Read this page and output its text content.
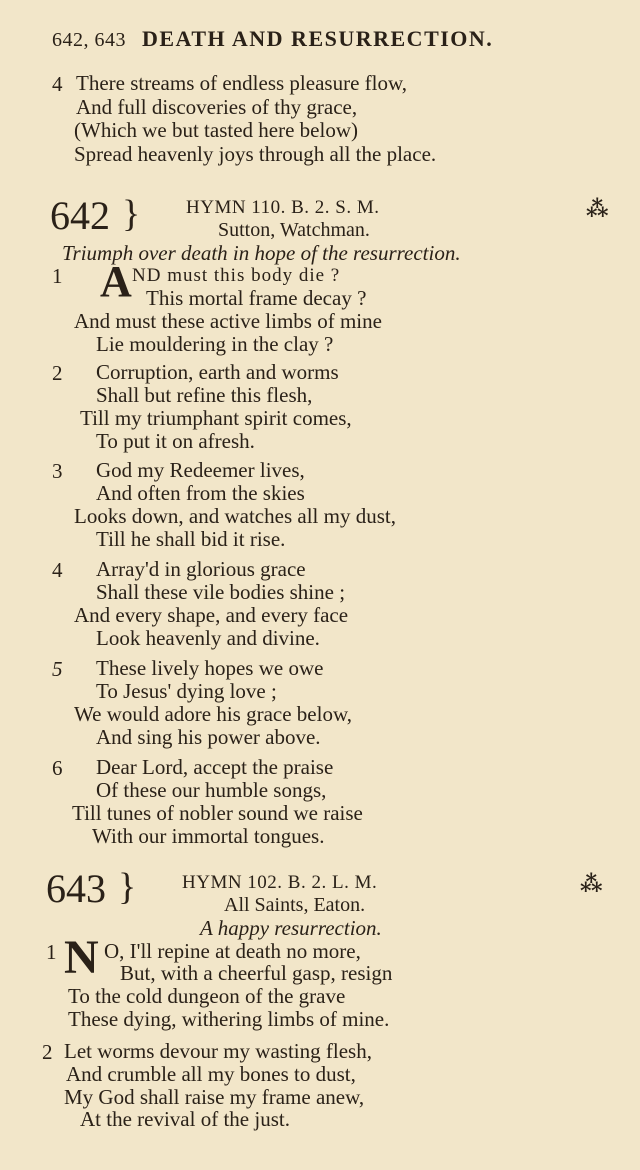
642, 643 DEATH AND RESURRECTION.
4 There streams of endless pleasure flow,
And full discoveries of thy grace,
(Which we but tasted here below)
Spread heavenly joys through all the place.
642 } HYMN 110. B. 2. S. M.	⁂
Sutton, Watchman.
Triumph over death in hope of the resurrection.
1 A ND must this body die ?
This mortal frame decay ?
And must these active limbs of mine
Lie mouldering in the clay ?
2 Corruption, earth and worms
Shall but refine this flesh,
Till my triumphant spirit comes,
To put it on afresh.
3 God my Redeemer lives,
And often from the skies
Looks down, and watches all my dust,
Till he shall bid it rise.
4 Array'd in glorious grace
Shall these vile bodies shine ;
And every shape, and every face
Look heavenly and divine.
5 These lively hopes we owe
To Jesus' dying love ;
We would adore his grace below,
And sing his power above.
6 Dear Lord, accept the praise
Of these our humble songs,
Till tunes of nobler sound we raise
With our immortal tongues.
643 } HYMN 102. B. 2. L. M.	⁂
All Saints, Eaton.
A happy resurrection.
1 N O, I'll repine at death no more,
But, with a cheerful gasp, resign
To the cold dungeon of the grave
These dying, withering limbs of mine.
2 Let worms devour my wasting flesh,
And crumble all my bones to dust,
My God shall raise my frame anew,
At the revival of the just.
